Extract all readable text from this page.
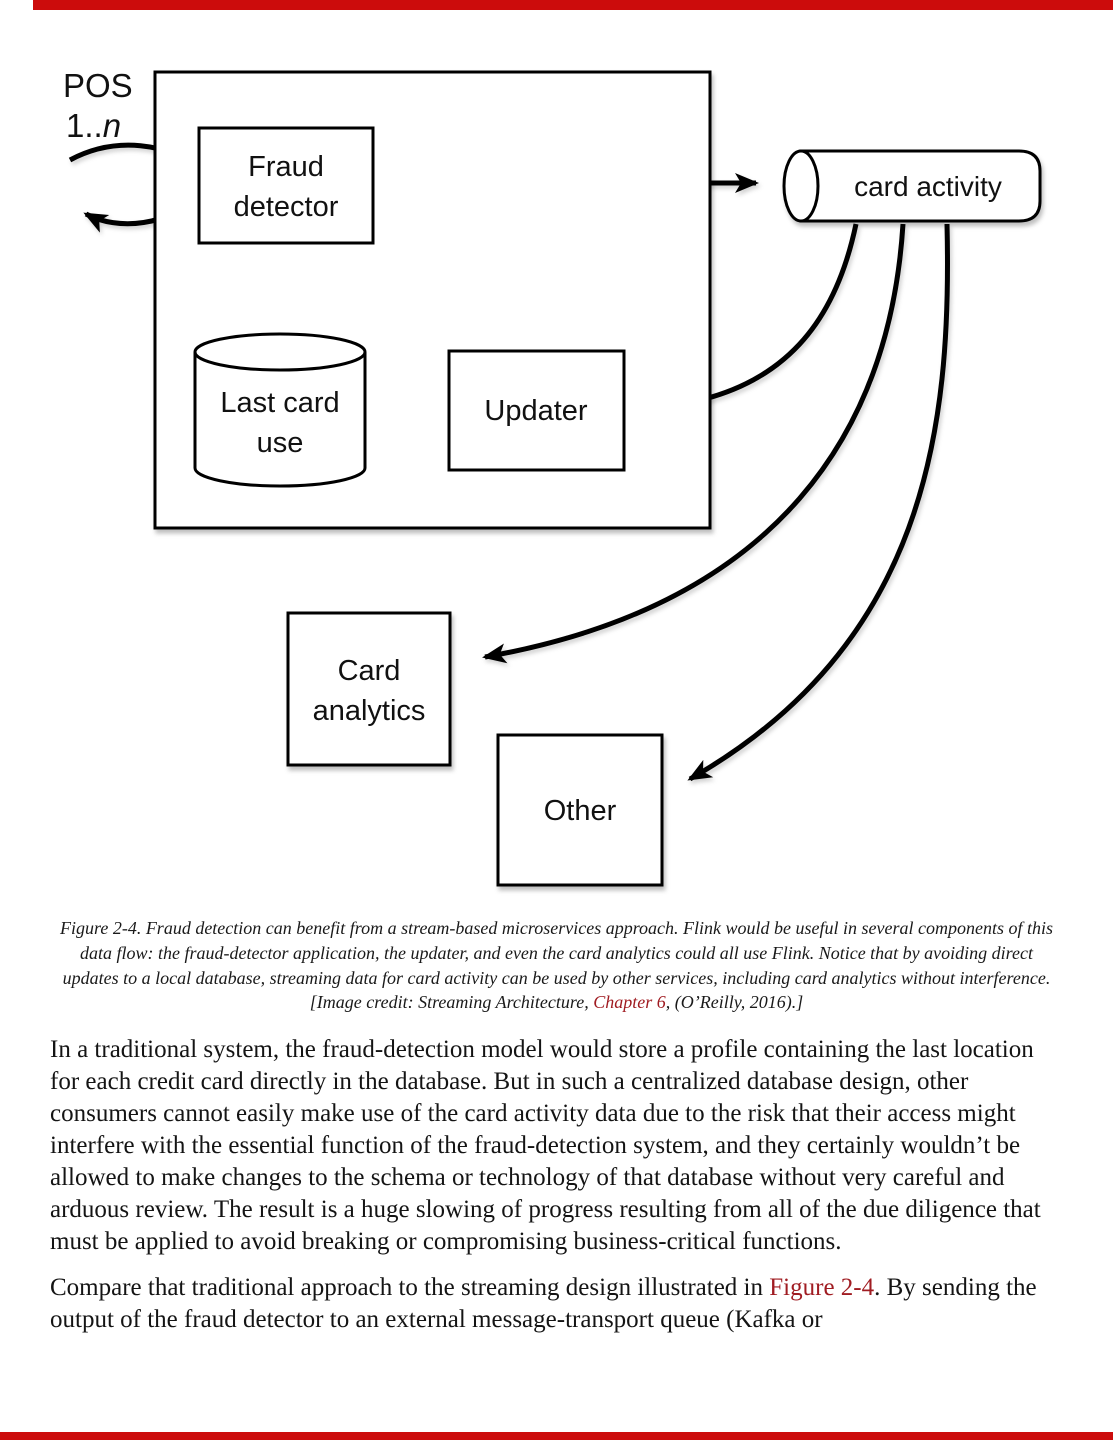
POS
1..n
Fraud
detector
card activity
Last card
use
Updater
Card
analytics
Other
Figure 2-4. Fraud detection can benefit from a stream-based microservices approach. Flink would be useful in several components of this data flow: the fraud-detector application, the updater, and even the card analytics could all use Flink. Notice that by avoiding direct updates to a local database, streaming data for card activity can be used by other services, including card analytics without interference. [Image credit: Streaming Architecture, Chapter 6, (O’Reilly, 2016).]

In a traditional system, the fraud-detection model would store a profile containing the last location for each credit card directly in the database. But in such a centralized database design, other consumers cannot easily make use of the card activity data due to the risk that their access might interfere with the essential function of the fraud-detection system, and they certainly wouldn’t be allowed to make changes to the schema or technology of that database without very careful and arduous review. The result is a huge slowing of progress resulting from all of the due diligence that must be applied to avoid breaking or compromising business-critical functions.

Compare that traditional approach to the streaming design illustrated in Figure 2-4. By sending the output of the fraud detector to an external message-transport queue (Kafka or
